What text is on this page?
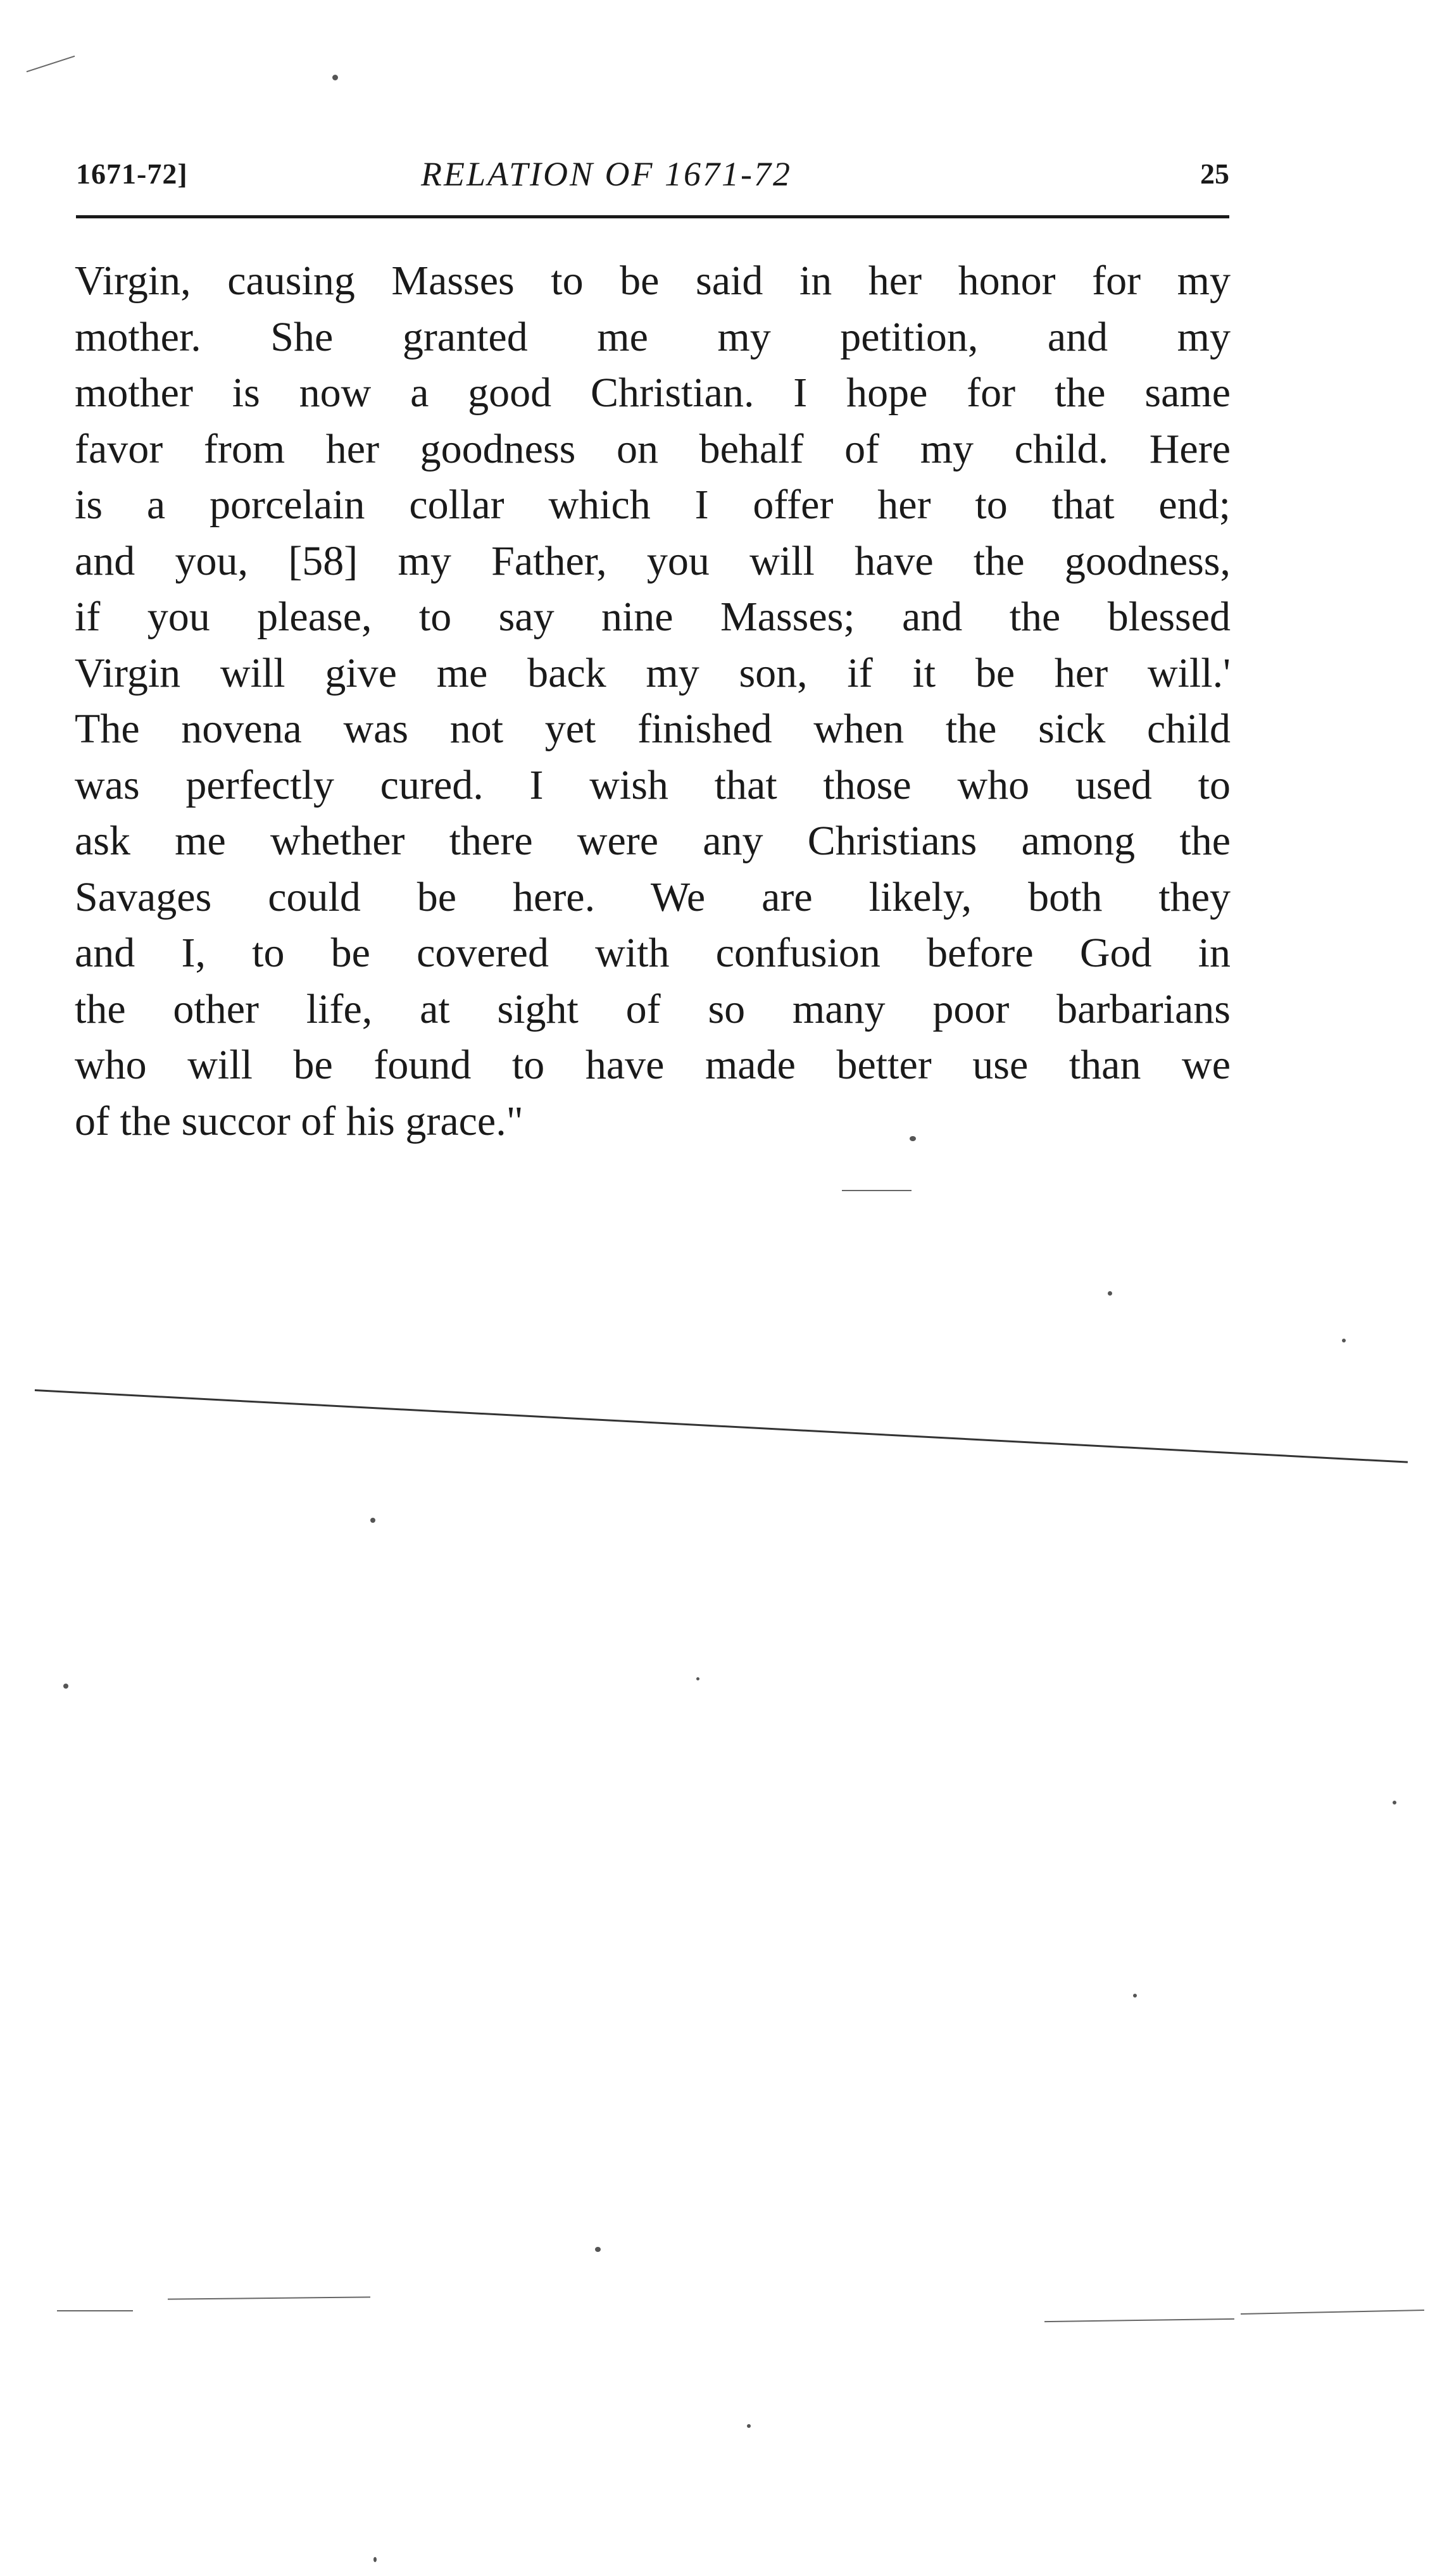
1671-72]	RELATION OF 1671-72	25
Virgin, causing Masses to be said in her honor for my
mother. She granted me my petition, and my
mother is now a good Christian. I hope for the same
favor from her goodness on behalf of my child. Here
is a porcelain collar which I offer her to that end;
and you, [58] my Father, you will have the goodness,
if you please, to say nine Masses; and the blessed
Virgin will give me back my son, if it be her will.'
The novena was not yet finished when the sick child
was perfectly cured. I wish that those who used to
ask me whether there were any Christians among the
Savages could be here. We are likely, both they
and I, to be covered with confusion before God in
the other life, at sight of so many poor barbarians
who will be found to have made better use than we
of the succor of his grace."
